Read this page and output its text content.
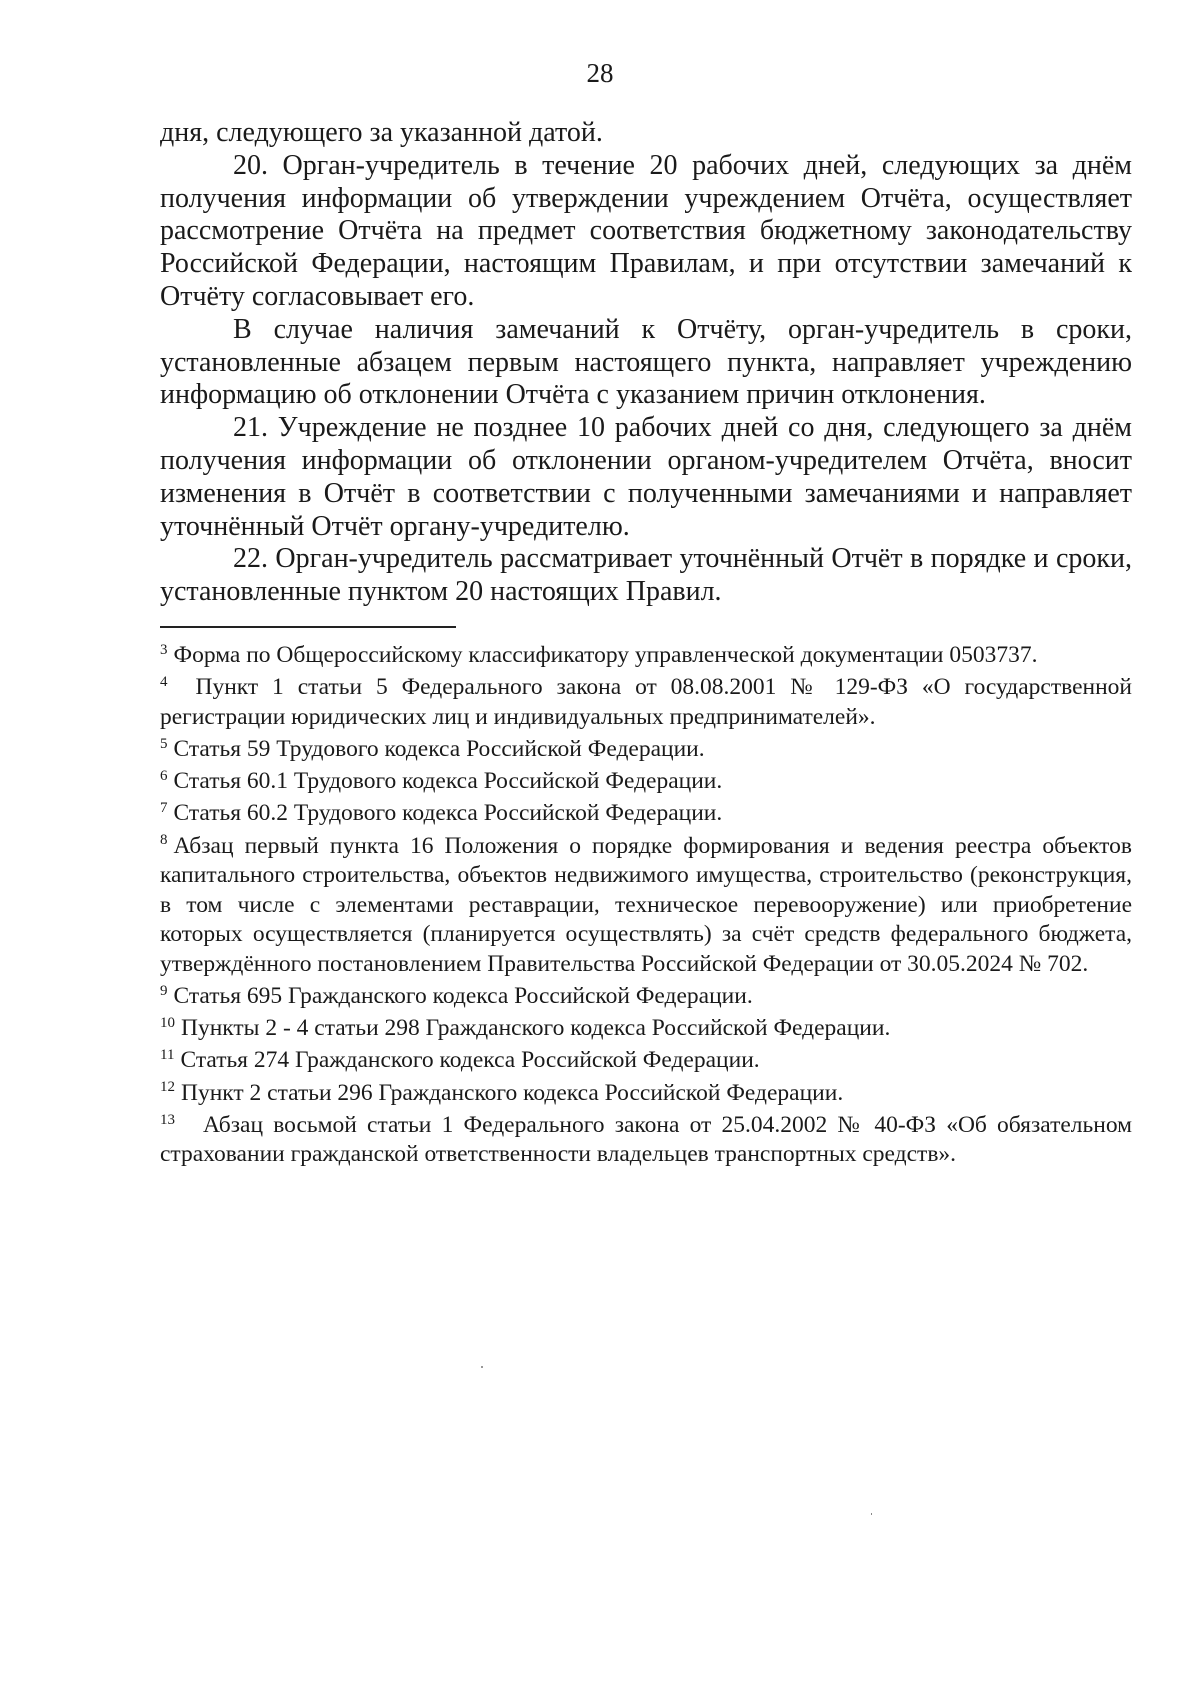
28

дня, следующего за указанной датой.

20. Орган-учредитель в течение 20 рабочих дней, следующих за днём получения информации об утверждении учреждением Отчёта, осуществляет рассмотрение Отчёта на предмет соответствия бюджетному законодательству Российской Федерации, настоящим Правилам, и при отсутствии замечаний к Отчёту согласовывает его.

В случае наличия замечаний к Отчёту, орган-учредитель в сроки, установленные абзацем первым настоящего пункта, направляет учреждению информацию об отклонении Отчёта с указанием причин отклонения.

21. Учреждение не позднее 10 рабочих дней со дня, следующего за днём получения информации об отклонении органом-учредителем Отчёта, вносит изменения в Отчёт в соответствии с полученными замечаниями и направляет уточнённый Отчёт органу-учредителю.

22. Орган-учредитель рассматривает уточнённый Отчёт в порядке и сроки, установленные пунктом 20 настоящих Правил.

$^3$ Форма по Общероссийскому классификатору управленческой документации 0503737.

$^4$ Пункт 1 статьи 5 Федерального закона от 08.08.2001 № 129-ФЗ «О государственной регистрации юридических лиц и индивидуальных предпринимателей».

$^5$ Статья 59 Трудового кодекса Российской Федерации.

$^6$ Статья 60.1 Трудового кодекса Российской Федерации.

$^7$ Статья 60.2 Трудового кодекса Российской Федерации.

$^8$ Абзац первый пункта 16 Положения о порядке формирования и ведения реестра объектов капитального строительства, объектов недвижимого имущества, строительство (реконструкция, в том числе с элементами реставрации, техническое перевооружение) или приобретение которых осуществляется (планируется осуществлять) за счёт средств федерального бюджета, утверждённого постановлением Правительства Российской Федерации от 30.05.2024 № 702.

$^9$ Статья 695 Гражданского кодекса Российской Федерации.

$^{10}$ Пункты 2 - 4 статьи 298 Гражданского кодекса Российской Федерации.

$^{11}$ Статья 274 Гражданского кодекса Российской Федерации.

$^{12}$ Пункт 2 статьи 296 Гражданского кодекса Российской Федерации.

$^{13}$ Абзац восьмой статьи 1 Федерального закона от 25.04.2002 № 40-ФЗ «Об обязательном страховании гражданской ответственности владельцев транспортных средств».
